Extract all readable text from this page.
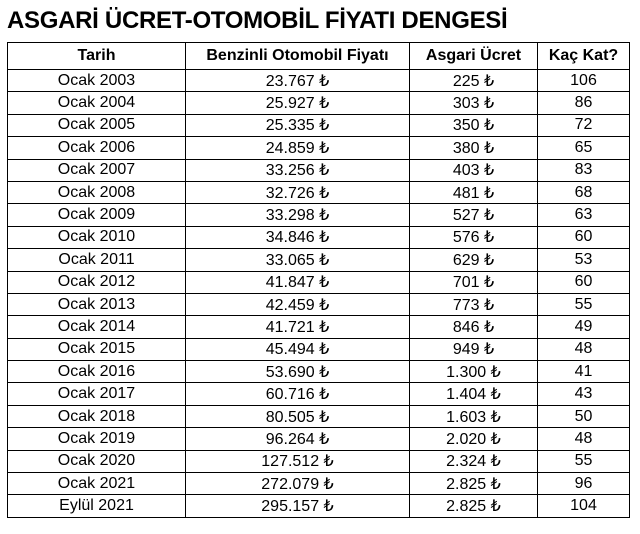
ASGARİ ÜCRET-OTOMOBİL FİYATI DENGESİ
Tarih	Benzinli Otomobil Fiyatı	Asgari Ücret	Kaç Kat?
Ocak 2003	23.767 ₺	225 ₺	106
Ocak 2004	25.927 ₺	303 ₺	86
Ocak 2005	25.335 ₺	350 ₺	72
Ocak 2006	24.859 ₺	380 ₺	65
Ocak 2007	33.256 ₺	403 ₺	83
Ocak 2008	32.726 ₺	481 ₺	68
Ocak 2009	33.298 ₺	527 ₺	63
Ocak 2010	34.846 ₺	576 ₺	60
Ocak 2011	33.065 ₺	629 ₺	53
Ocak 2012	41.847 ₺	701 ₺	60
Ocak 2013	42.459 ₺	773 ₺	55
Ocak 2014	41.721 ₺	846 ₺	49
Ocak 2015	45.494 ₺	949 ₺	48
Ocak 2016	53.690 ₺	1.300 ₺	41
Ocak 2017	60.716 ₺	1.404 ₺	43
Ocak 2018	80.505 ₺	1.603 ₺	50
Ocak 2019	96.264 ₺	2.020 ₺	48
Ocak 2020	127.512 ₺	2.324 ₺	55
Ocak 2021	272.079 ₺	2.825 ₺	96
Eylül 2021	295.157 ₺	2.825 ₺	104
